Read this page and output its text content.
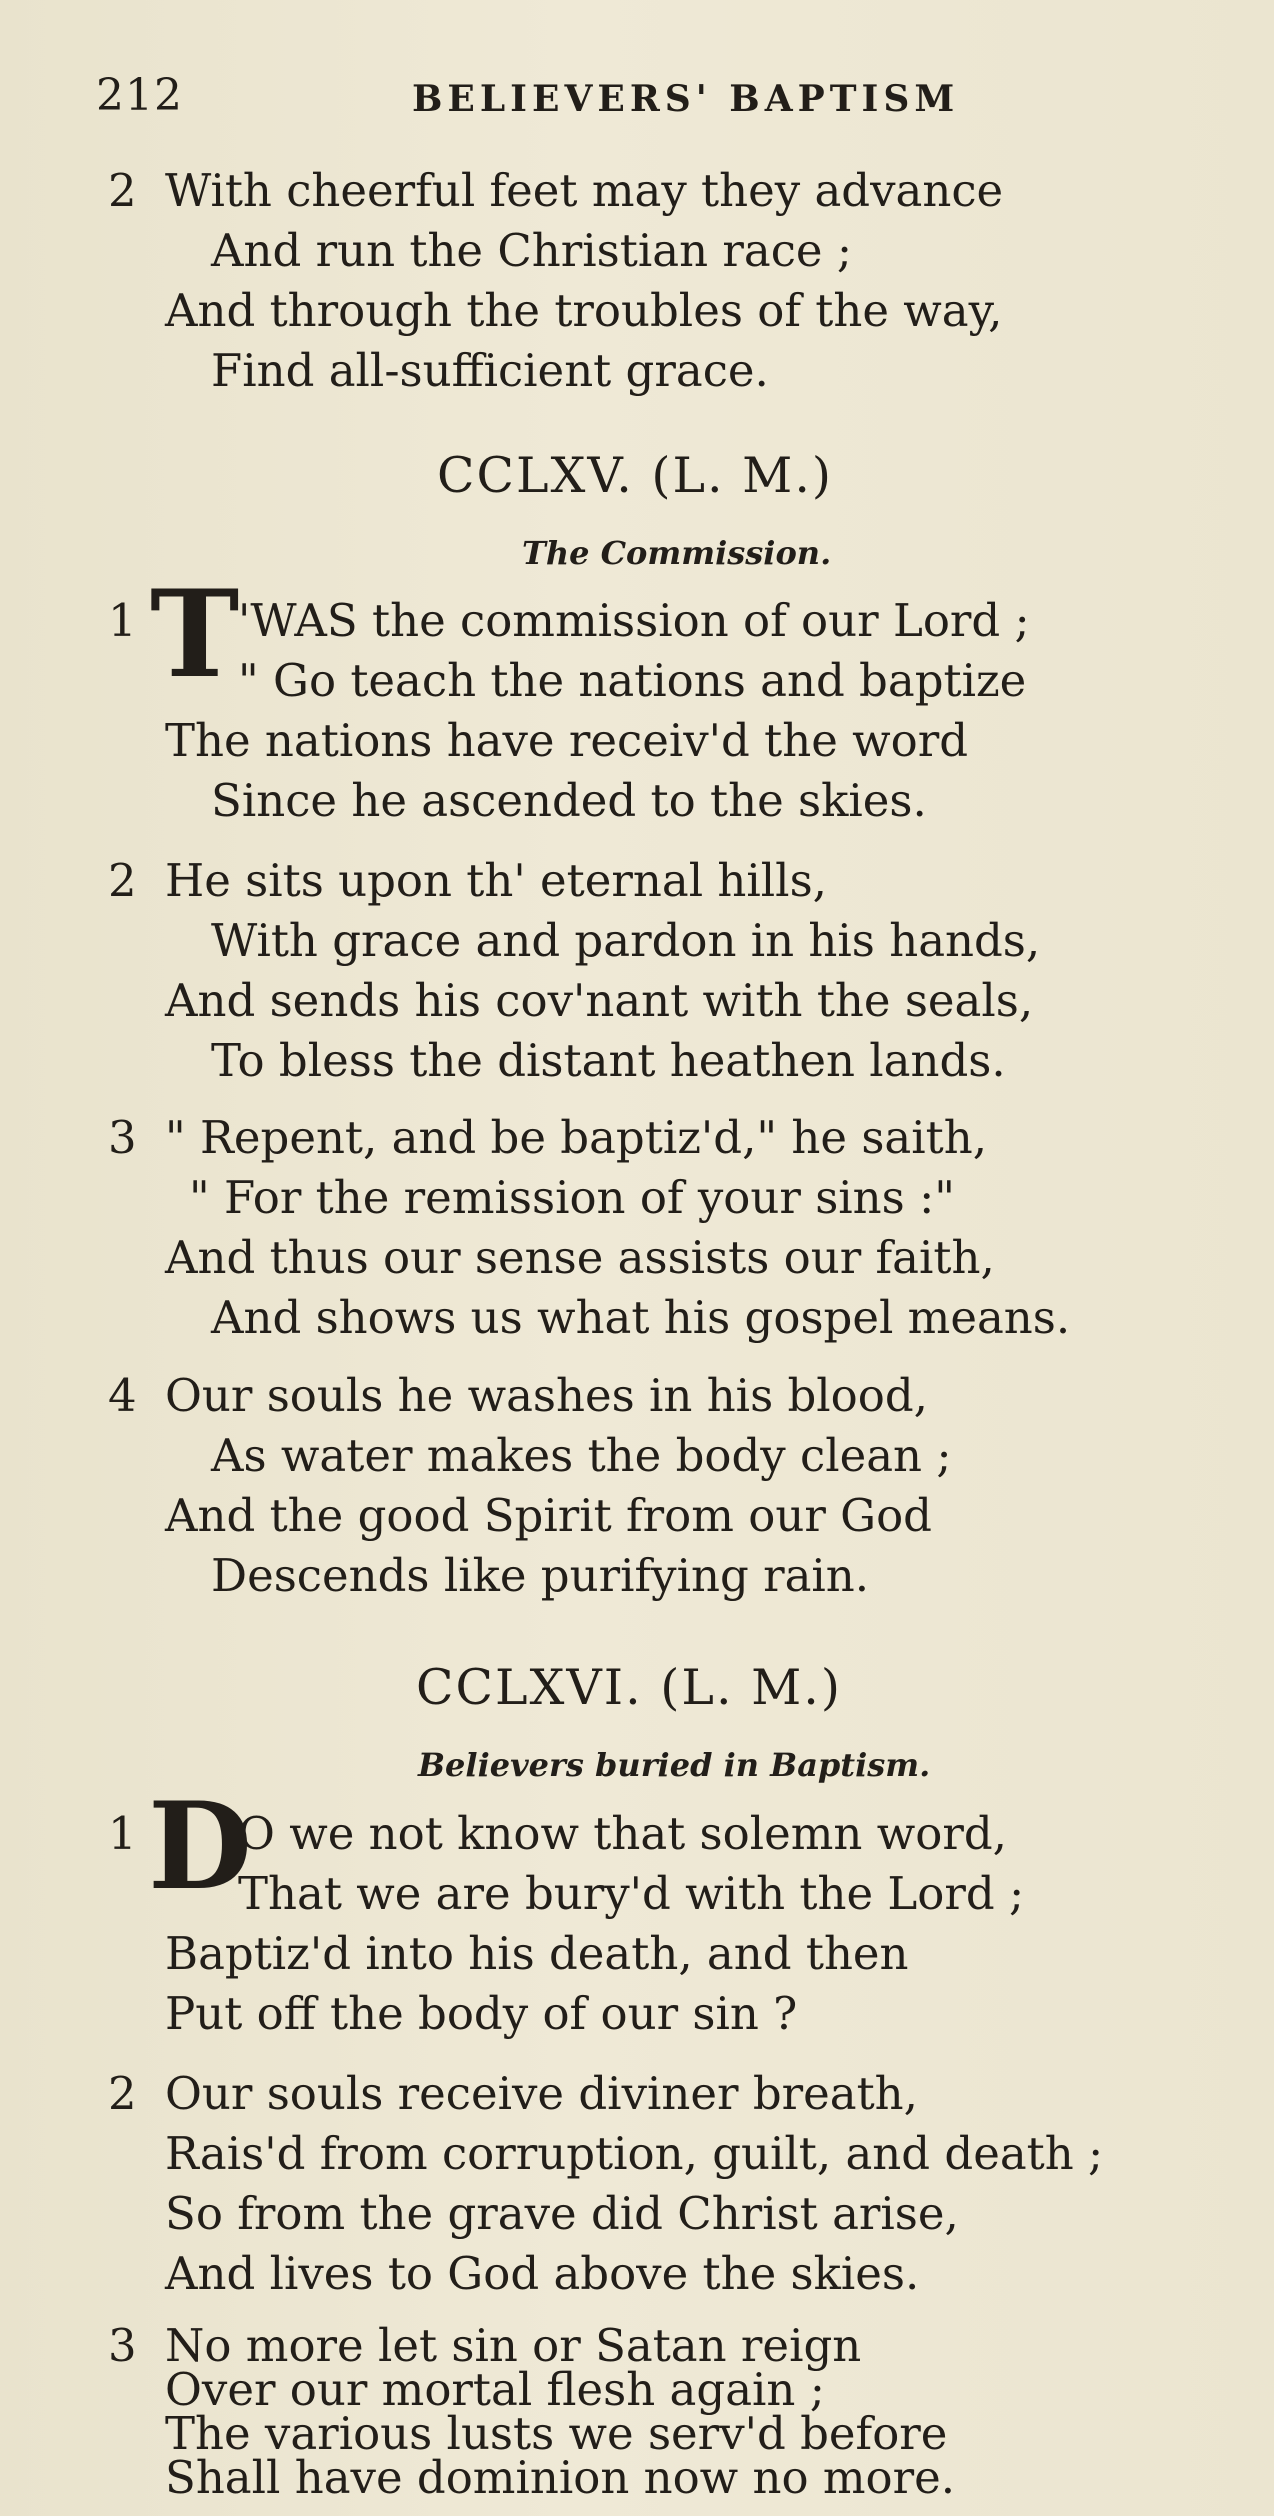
212	BELIEVERS' BAPTISM
2 With cheerful feet may they advance
And run the Christian race ;
And through the troubles of the way,
Find all-sufficient grace.
CCLXV. (L. M.)
The Commission.
1 T
'WAS the commission of our Lord ;
" Go teach the nations and baptize
The nations have receiv'd the word
Since he ascended to the skies.
2 He sits upon th' eternal hills,
With grace and pardon in his hands,
And sends his cov'nant with the seals,
To bless the distant heathen lands.
3 " Repent, and be baptiz'd," he saith,
" For the remission of your sins :"
And thus our sense assists our faith,
And shows us what his gospel means.
4 Our souls he washes in his blood,
As water makes the body clean ;
And the good Spirit from our God
Descends like purifying rain.
CCLXVI. (L. M.)
Believers buried in Baptism.
1 D
O we not know that solemn word,
That we are bury'd with the Lord ;
Baptiz'd into his death, and then
Put off the body of our sin ?
2 Our souls receive diviner breath,
Rais'd from corruption, guilt, and death ;
So from the grave did Christ arise,
And lives to God above the skies.
3 No more let sin or Satan reign
Over our mortal flesh again ;
The various lusts we serv'd before
Shall have dominion now no more.
